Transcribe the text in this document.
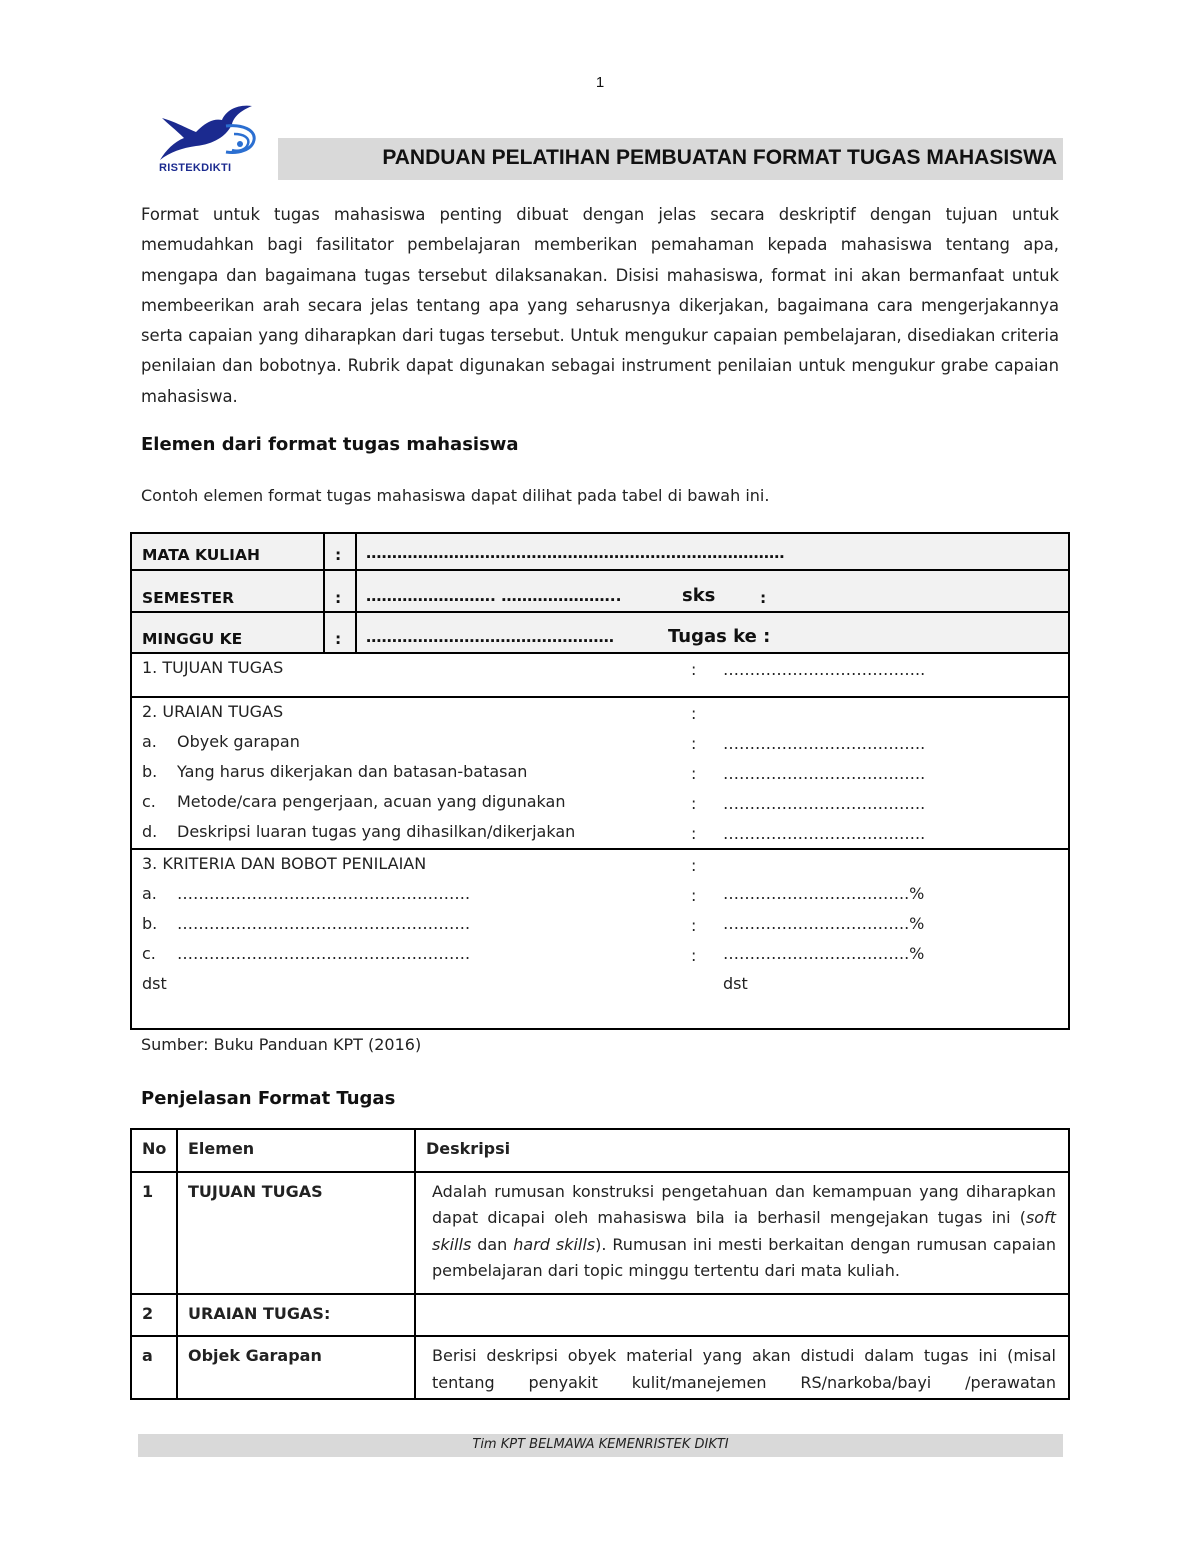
1
RISTEKDIKTI	PANDUAN PELATIHAN PEMBUATAN FORMAT TUGAS MAHASISWA
Format untuk tugas mahasiswa penting dibuat dengan jelas secara deskriptif dengan tujuan untuk memudahkan bagi fasilitator pembelajaran memberikan pemahaman kepada mahasiswa tentang apa, mengapa dan bagaimana tugas tersebut dilaksanakan. Disisi mahasiswa, format ini akan bermanfaat untuk membeerikan arah secara jelas tentang apa yang seharusnya dikerjakan, bagaimana cara mengerjakannya serta capaian yang diharapkan dari tugas tersebut. Untuk mengukur capaian pembelajaran, disediakan criteria penilaian dan bobotnya. Rubrik dapat digunakan sebagai instrument penilaian untuk mengukur grabe capaian mahasiswa.
Elemen dari format tugas mahasiswa
Contoh elemen format tugas mahasiswa dapat dilihat pada tabel di bawah ini.
MATA KULIAH	: ………………………………………………………………………
SEMESTER	: ……………………. …………………..	sks	:
MINGGU KE	: …………………………………………	Tugas ke :
1. TUJUAN TUGAS	: ………………………………..
2. URAIAN TUGAS	:
a. Obyek garapan	: ………………………………..
b. Yang harus dikerjakan dan batasan-batasan	: ………………………………..
c. Metode/cara pengerjaan, acuan yang digunakan	: ………………………………..
d. Deskripsi luaran tugas yang dihasilkan/dikerjakan	: ………………………………..
3. KRITERIA DAN BOBOT PENILAIAN	:
a. ……………………………………………….	: ……………………………..%
b. ……………………………………………….	: ……………………………..%
c. ……………………………………………….	: ……………………………..%
dst	dst
Sumber: Buku Panduan KPT (2016)
Penjelasan Format Tugas
No	Elemen	Deskripsi
1	TUJUAN TUGAS	Adalah rumusan konstruksi pengetahuan dan kemampuan yang diharapkan dapat dicapai oleh mahasiswa bila ia berhasil mengejakan tugas ini (soft skills dan hard skills). Rumusan ini mesti berkaitan dengan rumusan capaian pembelajaran dari topic minggu tertentu dari mata kuliah.
2	URAIAN TUGAS:	
a	Objek Garapan	Berisi deskripsi obyek material yang akan distudi dalam tugas ini (misal tentang penyakit kulit/manejemen RS/narkoba/bayi /perawatan
Tim KPT BELMAWA KEMENRISTEK DIKTI
